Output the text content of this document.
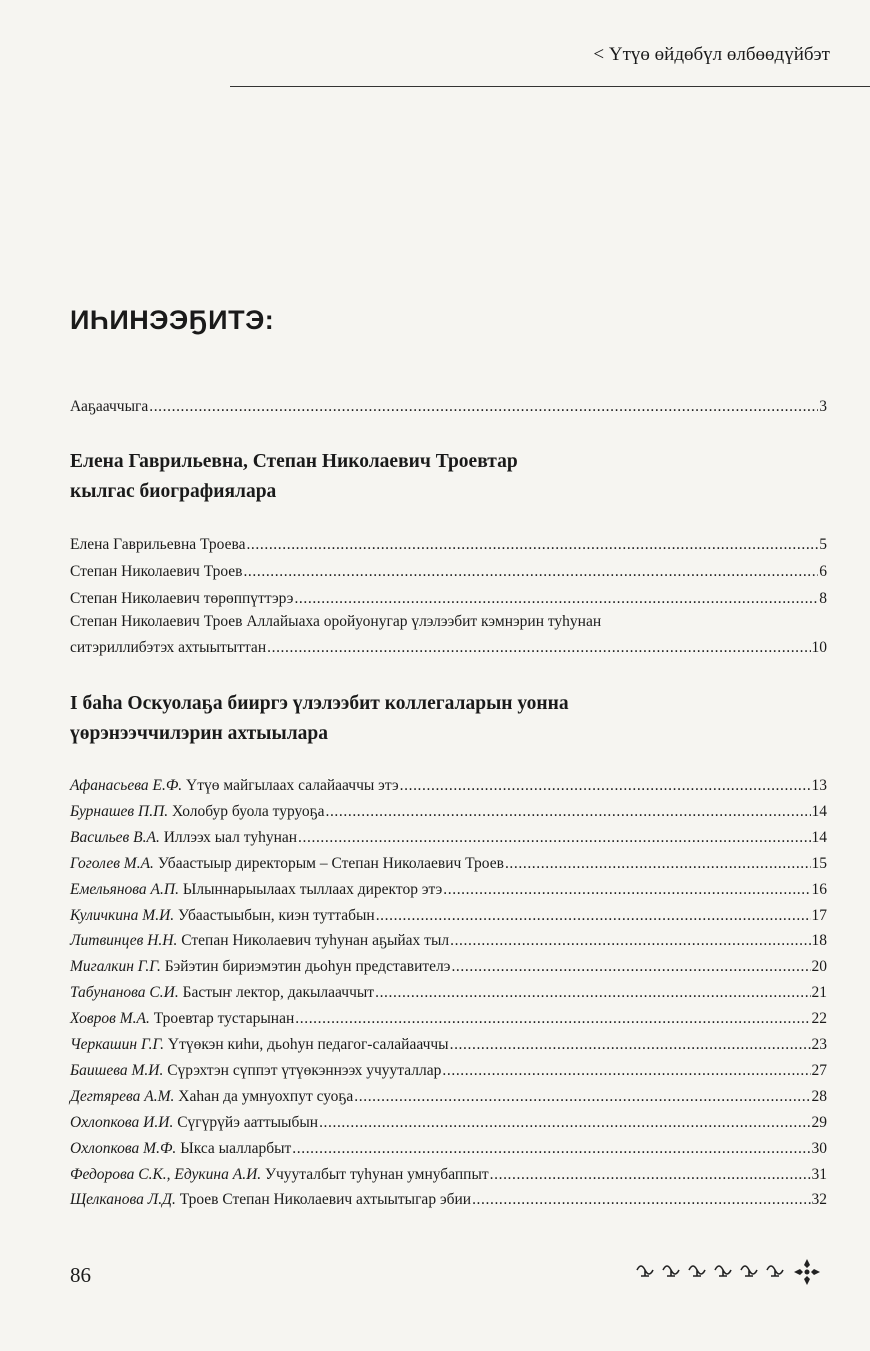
< Үтүө өйдөбүл өлбөөдүйбэт
ИҺИНЭЭҔИТЭ:
Ааҕааччыга .....	3
Елена Гаврильевна, Степан Николаевич Троевтар
кылгас биографиялара
Елена Гаврильевна Троева .....	5
Степан Николаевич Троев .....	6
Степан Николаевич төрөппүттэрэ .....	8
Степан Николаевич Троев Аллайыаха оройуонугар үлэлээбит кэмнэрин туһунан
ситэриллибэтэх ахтыытыттан .....	10
I баһа Оскуолаҕа бииргэ үлэлээбит коллегаларын уонна
үөрэнээччилэрин ахтыылара
Афанасьева Е.Ф. Үтүө майгылаах салайааччы этэ .....	13
Бурнашев П.П. Холобур буола туруоҕа .....	14
Васильев В.А. Иллээх ыал туһунан .....	14
Гоголев М.А. Убаастыыр директорым – Степан Николаевич Троев .....	15
Емельянова А.П. Ылыннарыылаах тыллаах директор этэ .....	16
Куличкина М.И. Убаастыыбын, киэн туттабын .....	17
Литвинцев Н.Н. Степан Николаевич туһунан аҕыйах тыл .....	18
Мигалкин Г.Г. Бэйэтин бириэмэтин дьоһун представителэ .....	20
Табунанова С.И. Бастыҥ лектор, дакылааччыт .....	21
Ховров М.А. Троевтар тустарынан .....	22
Черкашин Г.Г. Үтүөкэн киһи, дьоһун педагог-салайааччы .....	23
Баишева М.И. Сүрэхтэн сүппэт үтүөкэннээх учууталлар .....	27
Дегтярева А.М. Хаһан да умнуохпут суоҕа .....	28
Охлопкова И.И. Сүгүрүйэ ааттыыбын .....	29
Охлопкова М.Ф. Ыкса ыалларбыт .....	30
Федорова С.К., Едукина А.И. Учууталбыт туһунан умнубаппыт .....	31
Щелканова Л.Д. Троев Степан Николаевич ахтыытыгар эбии .....	32
86
